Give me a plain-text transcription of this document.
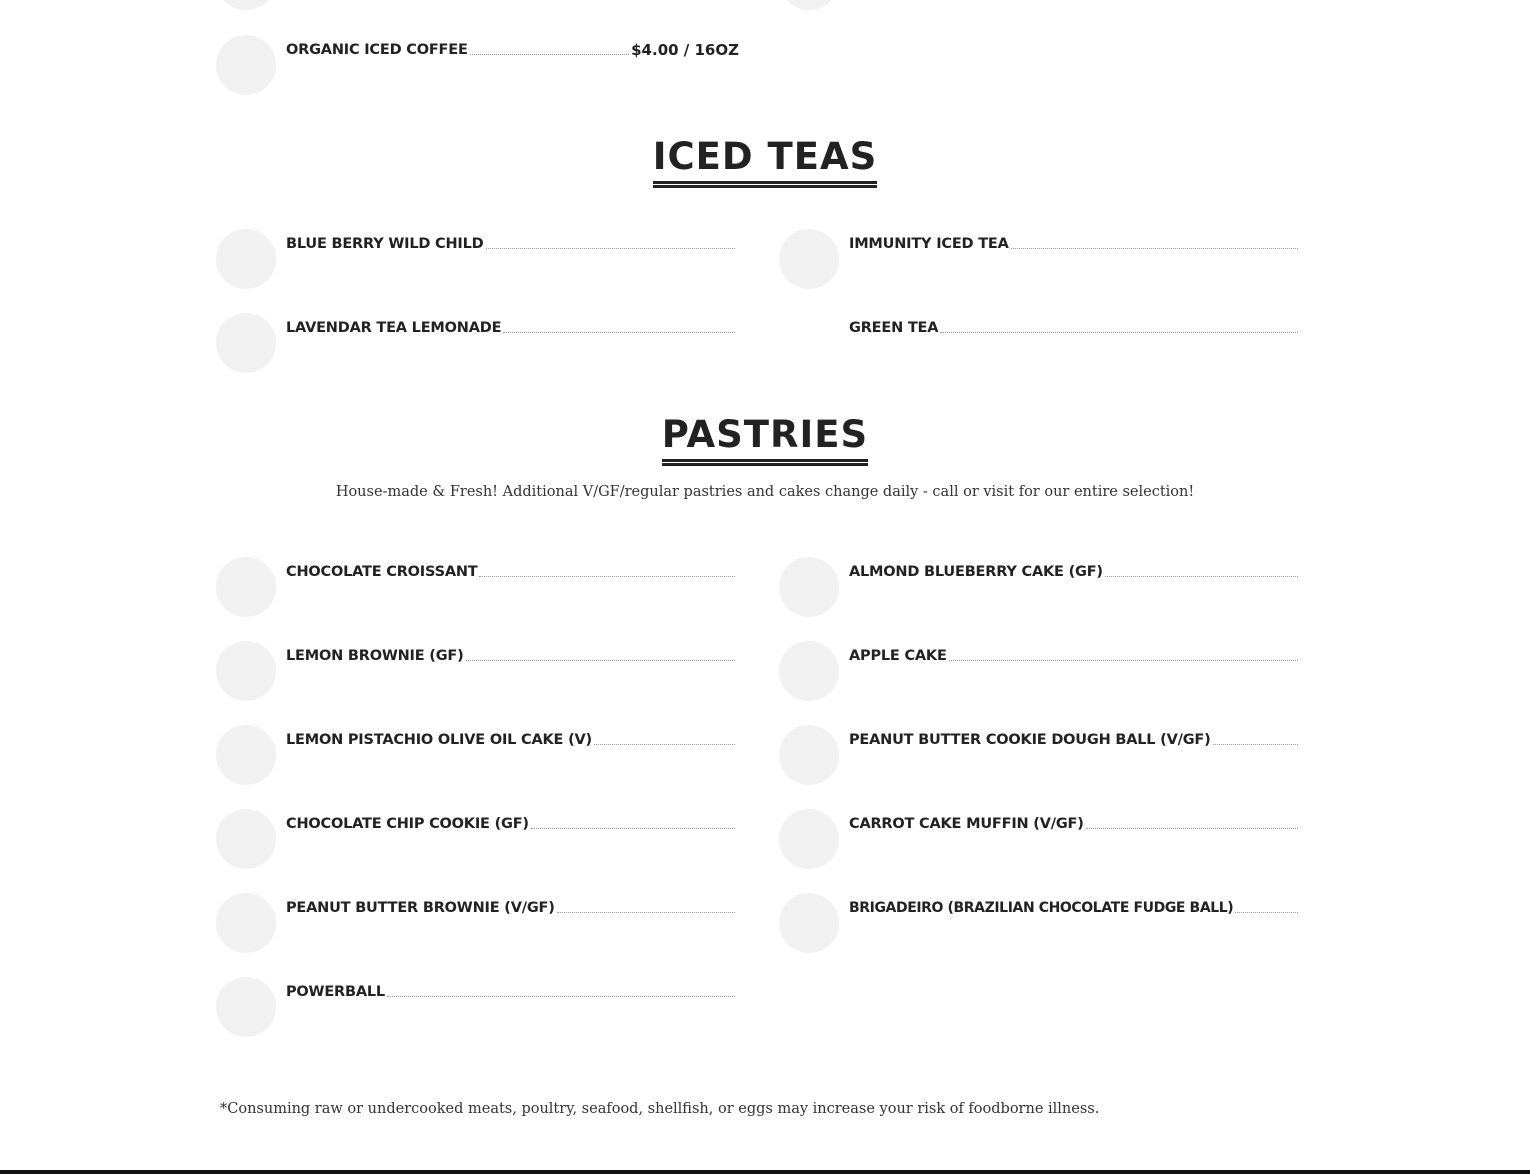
ORGANIC ICED COFFEE	$4.00 / 16OZ
ICED TEAS
BLUE BERRY WILD CHILD	IMMUNITY ICED TEA
LAVENDAR TEA LEMONADE	GREEN TEA
PASTRIES
House-made & Fresh! Additional V/GF/regular pastries and cakes change daily - call or visit for our entire selection!
CHOCOLATE CROISSANT	ALMOND BLUEBERRY CAKE (GF)
LEMON BROWNIE (GF)	APPLE CAKE
LEMON PISTACHIO OLIVE OIL CAKE (V)	PEANUT BUTTER COOKIE DOUGH BALL (V/GF)
CHOCOLATE CHIP COOKIE (GF)	CARROT CAKE MUFFIN (V/GF)
PEANUT BUTTER BROWNIE (V/GF)	BRIGADEIRO (BRAZILIAN CHOCOLATE FUDGE BALL)
POWERBALL
*Consuming raw or undercooked meats, poultry, seafood, shellfish, or eggs may increase your risk of foodborne illness.
